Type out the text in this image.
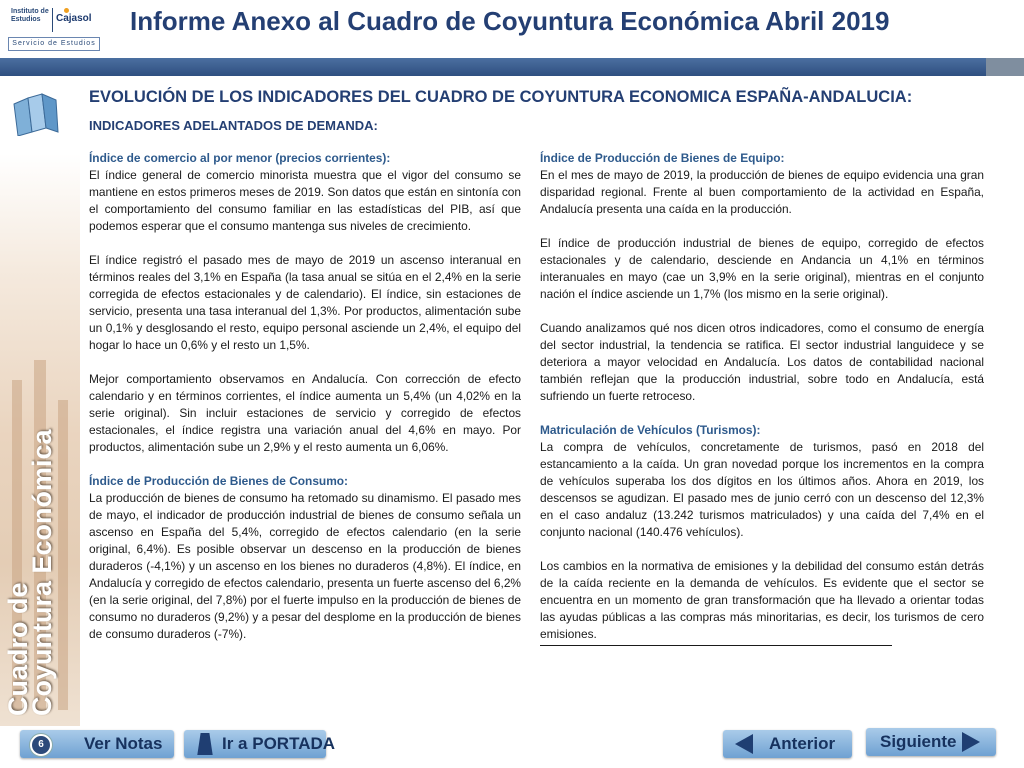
Instituto de Estudios	Cajasol
Servicio de Estudios
Informe Anexo al Cuadro de Coyuntura Económica Abril 2019
Cuadro de
Coyuntura Económica
EVOLUCIÓN DE LOS INDICADORES DEL CUADRO DE COYUNTURA ECONOMICA ESPAÑA-ANDALUCIA:
INDICADORES ADELANTADOS DE DEMANDA:
Índice de comercio al por menor (precios corrientes):

El índice general de comercio minorista muestra que el vigor del consumo se mantiene en estos primeros meses de 2019. Son datos que están en sintonía con el comportamiento del consumo familiar en las estadísticas del PIB, así que podemos esperar que el consumo mantenga sus niveles de crecimiento.

El índice registró el pasado mes de mayo de 2019 un ascenso interanual en términos reales del 3,1% en España (la tasa anual se sitúa en el 2,4% en la serie corregida de efectos estacionales y de calendario). El índice, sin estaciones de servicio, presenta una tasa interanual del 1,3%. Por productos, alimentación sube un 0,1% y desglosando el resto, equipo personal asciende un 2,4%, el equipo del hogar lo hace un 0,6% y el resto un 1,5%.

Mejor comportamiento observamos en Andalucía. Con corrección de efecto calendario y en términos corrientes, el índice aumenta un 5,4% (un 4,02% en la serie original). Sin incluir estaciones de servicio y corregido de efectos estacionales, el índice registra una variación anual del 4,6% en mayo. Por productos, alimentación sube un 2,9% y el resto aumenta un 6,06%.

Índice de Producción de Bienes de Consumo:

La producción de bienes de consumo ha retomado su dinamismo. El pasado mes de mayo, el indicador de producción industrial de bienes de consumo señala un ascenso en España del 5,4%, corregido de efectos calendario (en la serie original, 6,4%). Es posible observar un descenso en la producción de bienes duraderos (-4,1%) y un ascenso en los bienes no duraderos (4,8%). El índice, en Andalucía y corregido de efectos calendario, presenta un fuerte ascenso del 6,2% (en la serie original, del 7,8%) por el fuerte impulso en la producción de bienes de consumo no duraderos (9,2%) y a pesar del desplome en la producción de bienes de consumo duraderos (-7%).

Índice de Producción de Bienes de Equipo:

En el mes de mayo de 2019, la producción de bienes de equipo evidencia una gran disparidad regional. Frente al buen comportamiento de la actividad en España, Andalucía presenta una caída en la producción.

El índice de producción industrial de bienes de equipo, corregido de efectos estacionales y de calendario, desciende en Andancia un 4,1% en términos interanuales en mayo (cae un 3,9% en la serie original), mientras en el conjunto nación el índice asciende un 1,7% (los mismo en la serie original).

Cuando analizamos qué nos dicen otros indicadores, como el consumo de energía del sector industrial, la tendencia se ratifica. El sector industrial languidece y se deteriora a mayor velocidad en Andalucía. Los datos de contabilidad nacional también reflejan que la producción industrial, sobre todo en Andalucía, está sufriendo un fuerte retroceso.

Matriculación de Vehículos (Turismos):

La compra de vehículos, concretamente de turismos, pasó en 2018 del estancamiento a la caída. Un gran novedad porque los incrementos en la compra de vehículos superaba los dos dígitos en los últimos años. Ahora en 2019, los descensos se agudizan. El pasado mes de junio cerró con un descenso del 12,3% en el caso andaluz (13.242 turismos matriculados) y una caída del 7,4% en el conjunto nacional (140.476 vehículos).

Los cambios en la normativa de emisiones y la debilidad del consumo están detrás de la caída reciente en la demanda de vehículos. Es evidente que el sector se encuentra en un momento de gran transformación que ha llevado a orientar todas las ayudas públicas a las compras más minoritarias, es decir, los turismos de cero emisiones.

Ver Notas
6	Ir a PORTADA	Anterior	Siguiente
